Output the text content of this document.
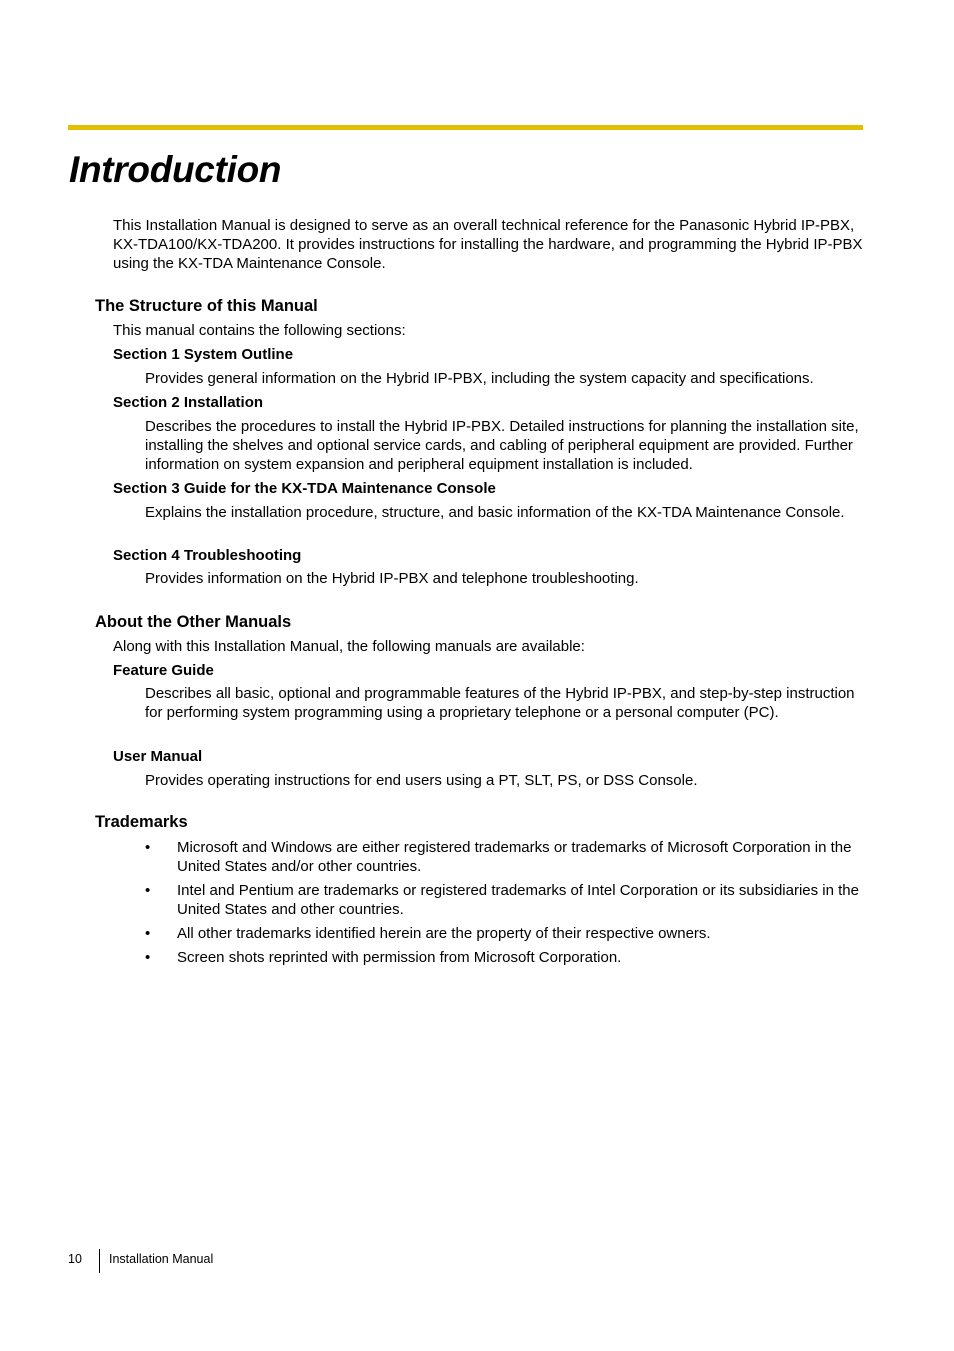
Introduction

This Installation Manual is designed to serve as an overall technical reference for the Panasonic Hybrid IP-PBX, KX-TDA100/KX-TDA200. It provides instructions for installing the hardware, and programming the Hybrid IP-PBX using the KX-TDA Maintenance Console.

The Structure of this Manual

This manual contains the following sections:

Section 1 System Outline

Provides general information on the Hybrid IP-PBX, including the system capacity and specifications.

Section 2 Installation

Describes the procedures to install the Hybrid IP-PBX. Detailed instructions for planning the installation site, installing the shelves and optional service cards, and cabling of peripheral equipment are provided. Further information on system expansion and peripheral equipment installation is included.

Section 3 Guide for the KX-TDA Maintenance Console

Explains the installation procedure, structure, and basic information of the KX-TDA Maintenance Console.

Section 4 Troubleshooting

Provides information on the Hybrid IP-PBX and telephone troubleshooting.

About the Other Manuals

Along with this Installation Manual, the following manuals are available:

Feature Guide

Describes all basic, optional and programmable features of the Hybrid IP-PBX, and step-by-step instruction for performing system programming using a proprietary telephone or a personal computer (PC).

User Manual

Provides operating instructions for end users using a PT, SLT, PS, or DSS Console.

Trademarks
• Microsoft and Windows are either registered trademarks or trademarks of Microsoft Corporation in the United States and/or other countries.

• Intel and Pentium are trademarks or registered trademarks of Intel Corporation or its subsidiaries in the United States and other countries.

• All other trademarks identified herein are the property of their respective owners.

• Screen shots reprinted with permission from Microsoft Corporation.

10 Installation Manual
